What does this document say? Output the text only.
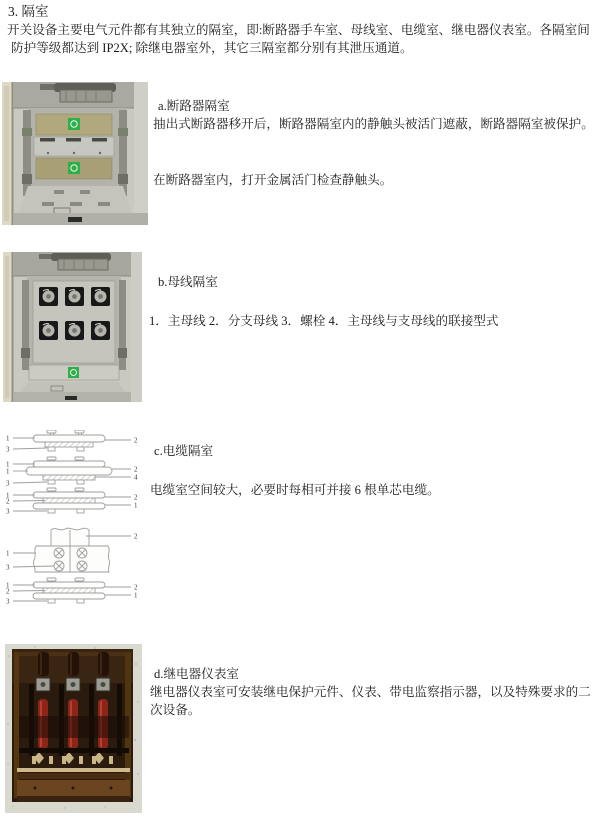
3. 隔室
开关设备主要电气元件都有其独立的隔室，即:断路器手车室、母线室、电缆室、继电器仪表室。各隔室间
防护等级都达到 IP2X; 除继电器室外，其它三隔室都分别有其泄压通道。
a.断路器隔室
抽出式断路器移开后，断路器隔室内的静触头被活门遮蔽，断路器隔室被保护。
在断路器室内，打开金属活门检查静触头。
b.母线隔室
1．主母线 2．分支母线 3．螺栓 4．主母线与支母线的联接型式
1
3
2
1
1
3
2
4
1
2
3
2
1
1
3
2
1
2
3
2
1
c.电缆隔室
电缆室空间较大，必要时每相可并接 6 根单芯电缆。
d.继电器仪表室
继电器仪表室可安装继电保护元件、仪表、带电监察指示器，以及特殊要求的二次设备。
